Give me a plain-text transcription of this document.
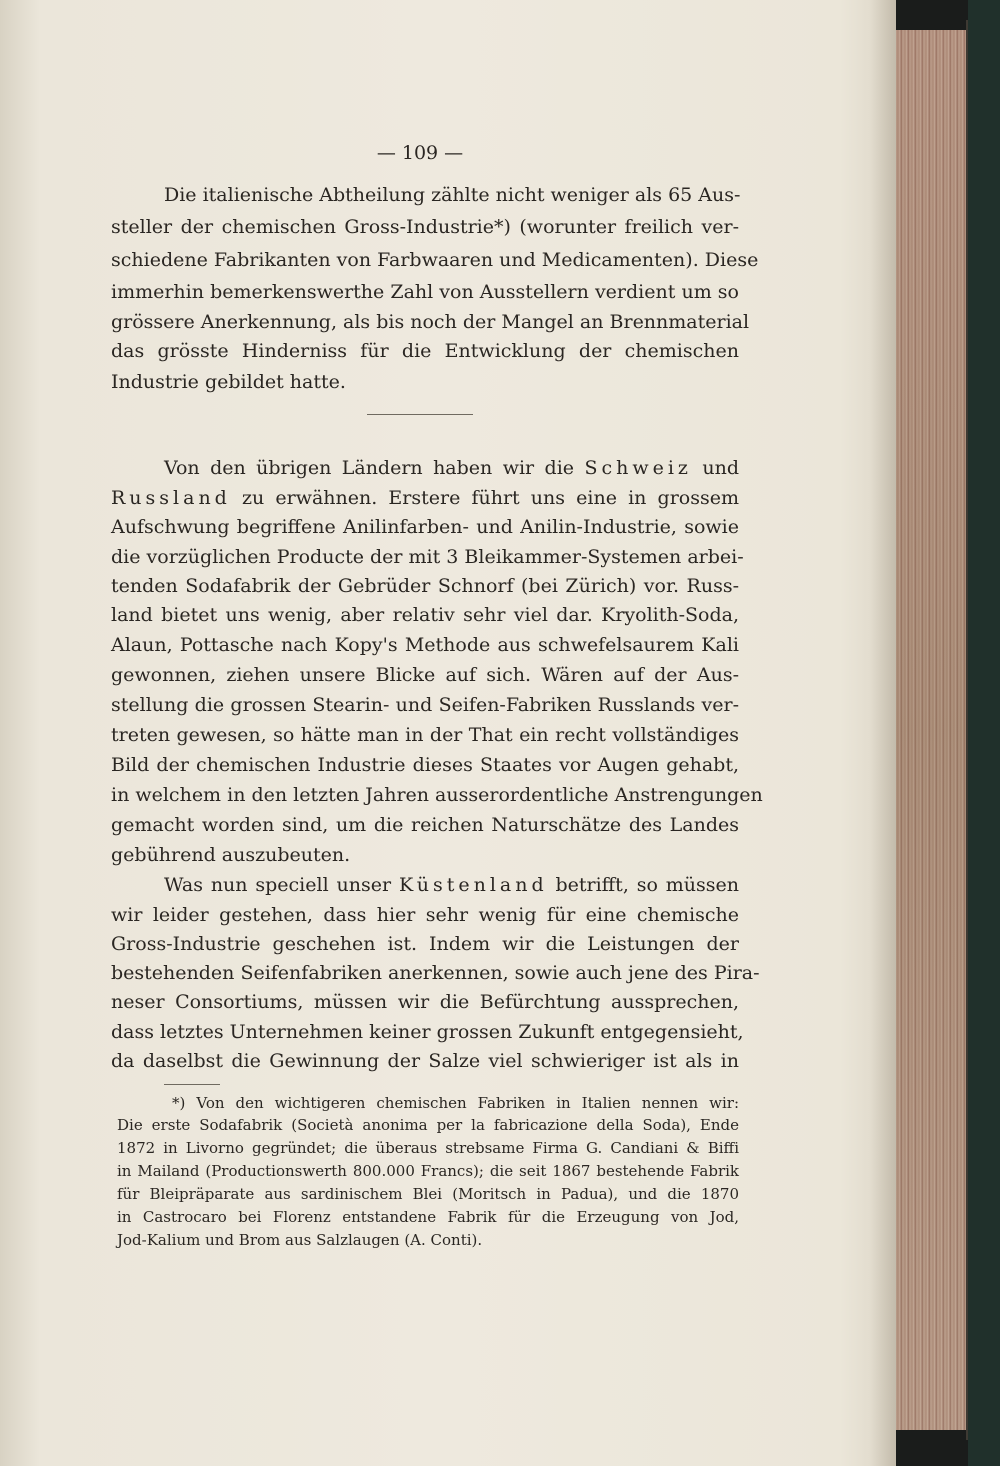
— 109 —
Die italienische Abtheilung zählte nicht weniger als 65 Aus-
steller der chemischen Gross-Industrie*) (worunter freilich ver-
schiedene Fabrikanten von Farbwaaren und Medicamenten). Diese
immerhin bemerkenswerthe Zahl von Ausstellern verdient um so
grössere Anerkennung, als bis noch der Mangel an Brennmaterial
das grösste Hinderniss für die Entwicklung der chemischen
Industrie gebildet hatte.
Von den übrigen Ländern haben wir die Schweiz und
Russland zu erwähnen. Erstere führt uns eine in grossem
Aufschwung begriffene Anilinfarben- und Anilin-Industrie, sowie
die vorzüglichen Producte der mit 3 Bleikammer-Systemen arbei-
tenden Sodafabrik der Gebrüder Schnorf (bei Zürich) vor. Russ-
land bietet uns wenig, aber relativ sehr viel dar. Kryolith-Soda,
Alaun, Pottasche nach Kopy's Methode aus schwefelsaurem Kali
gewonnen, ziehen unsere Blicke auf sich. Wären auf der Aus-
stellung die grossen Stearin- und Seifen-Fabriken Russlands ver-
treten gewesen, so hätte man in der That ein recht vollständiges
Bild der chemischen Industrie dieses Staates vor Augen gehabt,
in welchem in den letzten Jahren ausserordentliche Anstrengungen
gemacht worden sind, um die reichen Naturschätze des Landes
gebührend auszubeuten.
Was nun speciell unser Küstenland betrifft, so müssen
wir leider gestehen, dass hier sehr wenig für eine chemische
Gross-Industrie geschehen ist. Indem wir die Leistungen der
bestehenden Seifenfabriken anerkennen, sowie auch jene des Pira-
neser Consortiums, müssen wir die Befürchtung aussprechen,
dass letztes Unternehmen keiner grossen Zukunft entgegensieht,
da daselbst die Gewinnung der Salze viel schwieriger ist als in
*) Von den wichtigeren chemischen Fabriken in Italien nennen wir:
Die erste Sodafabrik (Società anonima per la fabricazione della Soda), Ende
1872 in Livorno gegründet; die überaus strebsame Firma G. Candiani & Biffi
in Mailand (Productionswerth 800.000 Francs); die seit 1867 bestehende Fabrik
für Bleipräparate aus sardinischem Blei (Moritsch in Padua), und die 1870
in Castrocaro bei Florenz entstandene Fabrik für die Erzeugung von Jod,
Jod-Kalium und Brom aus Salzlaugen (A. Conti).
